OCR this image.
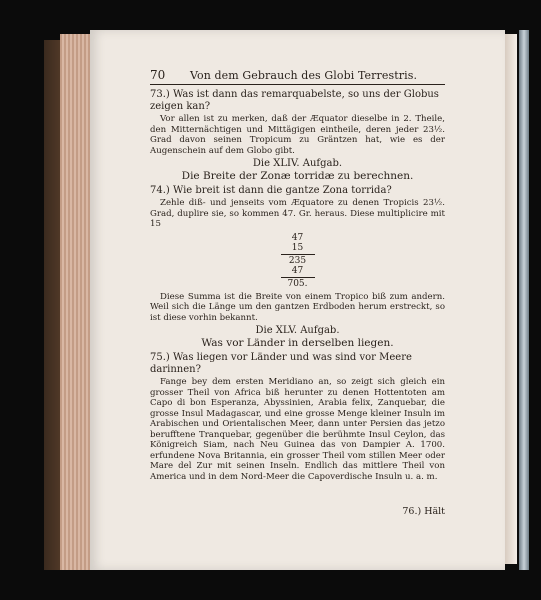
70	Von dem Gebrauch des Globi Terrestris.

73.) Was ist dann das remarquabelste, so uns der Globus zeigen kan?

Vor allen ist zu merken, daß der Æquator dieselbe in 2. Theile, den Mitternächtigen und Mittägigen eintheile, deren jeder 23½. Grad davon seinen Tropicum zu Gräntzen hat, wie es der Augenschein auf dem Globo gibt.

Die XLIV. Aufgab.

Die Breite der Zonæ torridæ zu berechnen.

74.) Wie breit ist dann die gantze Zona torrida?

Zehle diß- und jenseits vom Æquatore zu denen Tropicis 23½. Grad, duplire sie, so kommen 47. Gr. heraus. Diese multiplicire mit 15

47
15
235
47
705.

Diese Summa ist die Breite von einem Tropico biß zum andern. Weil sich die Länge um den gantzen Erdboden herum erstreckt, so ist diese vorhin bekannt.

Die XLV. Aufgab.

Was vor Länder in derselben liegen.

75.) Was liegen vor Länder und was sind vor Meere darinnen?

Fange bey dem ersten Meridiano an, so zeigt sich gleich ein grosser Theil von Africa biß herunter zu denen Hottentoten am Capo di bon Esperanza, Abyssinien, Arabia felix, Zanquebar, die grosse Insul Madagascar, und eine grosse Menge kleiner Insuln im Arabischen und Orientalischen Meer, dann unter Persien das jetzo berufftene Tranquebar, gegenüber die berühmte Insul Ceylon, das Königreich Siam, nach Neu Guinea das von Dampier A. 1700. erfundene Nova Britannia, ein grosser Theil vom stillen Meer oder Mare del Zur mit seinen Inseln. Endlich das mittlere Theil von America und in dem Nord-Meer die Capoverdische Insuln u. a. m.

76.) Hält
